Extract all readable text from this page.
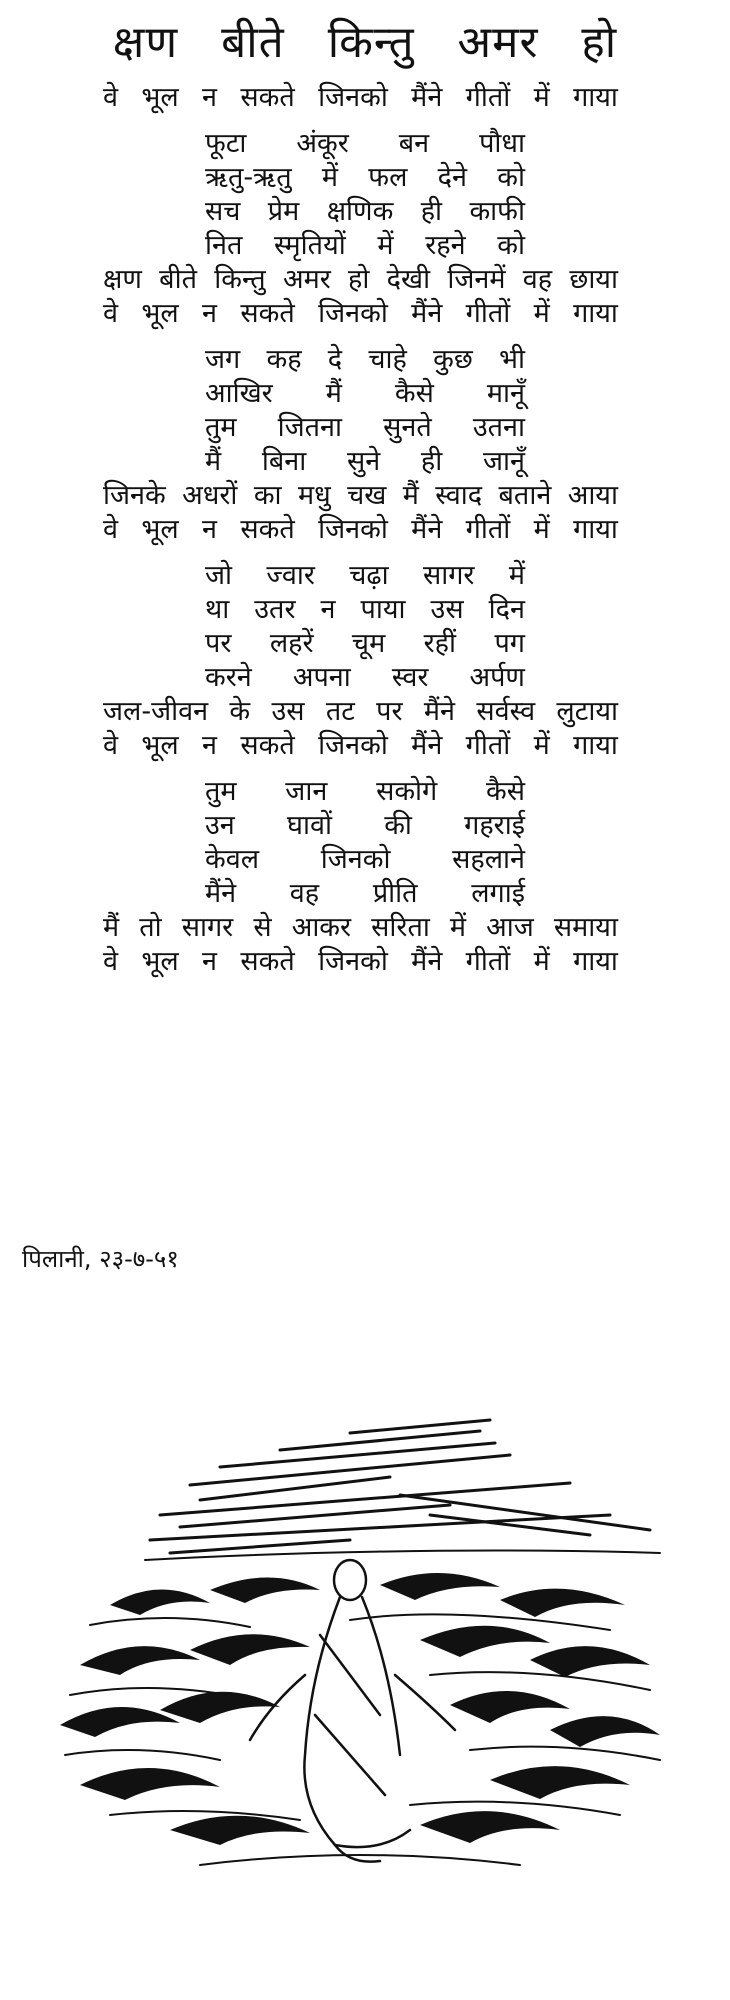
क्षण बीते किन्तु अमर हो
वे भूल न सकते जिनको मैंने गीतों में गाया
फूटा अंकूर बन पौधा
ऋतु-ऋतु में फल देने को
सच प्रेम क्षणिक ही काफी
नित स्मृतियों में रहने को
क्षण बीते किन्तु अमर हो देखी जिनमें वह छाया
वे भूल न सकते जिनको मैंने गीतों में गाया
जग कह दे चाहे कुछ भी
आखिर मैं कैसे मानूँ
तुम जितना सुनते उतना
मैं बिना सुने ही जानूँ
जिनके अधरों का मधु चख मैं स्वाद बताने आया
वे भूल न सकते जिनको मैंने गीतों में गाया
जो ज्वार चढ़ा सागर में
था उतर न पाया उस दिन
पर लहरें चूम रहीं पग
करने अपना स्वर अर्पण
जल-जीवन के उस तट पर मैंने सर्वस्व लुटाया
वे भूल न सकते जिनको मैंने गीतों में गाया
तुम जान सकोगे कैसे
उन घावों की गहराई
केवल जिनको सहलाने
मैंने वह प्रीति लगाई
मैं तो सागर से आकर सरिता में आज समाया
वे भूल न सकते जिनको मैंने गीतों में गाया
पिलानी, २३-७-५१
